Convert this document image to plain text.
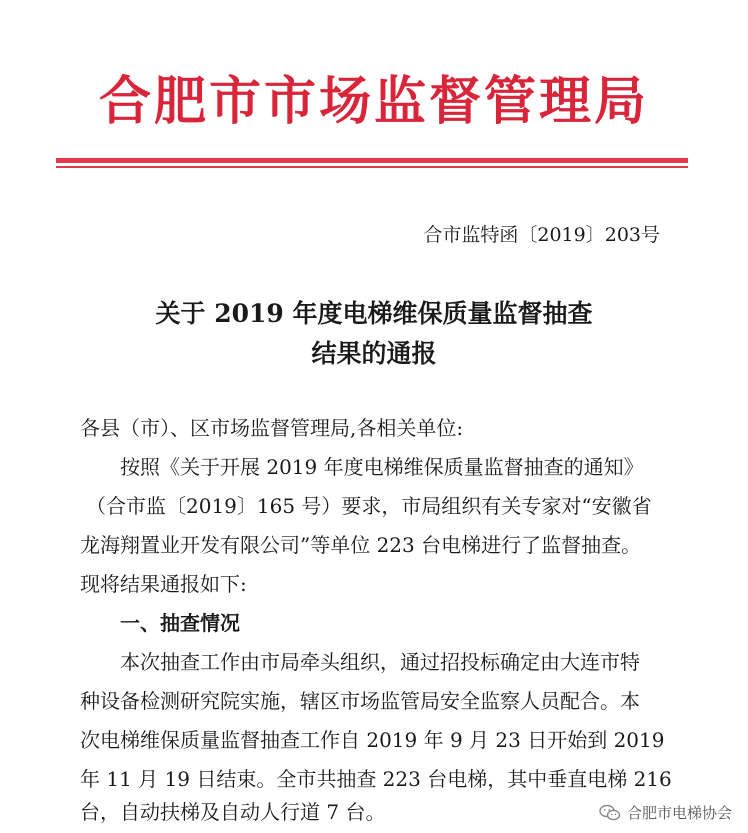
合肥市市场监督管理局
合市监特函〔2019〕203号
关于 2019 年度电梯维保质量监督抽查
结果的通报
各县（市）、区市场监督管理局,各相关单位:
按照《关于开展 2019 年度电梯维保质量监督抽查的通知》
（合市监〔2019〕165 号）要求，市局组织有关专家对“安徽省
龙海翔置业开发有限公司”等单位 223 台电梯进行了监督抽查。
现将结果通报如下:
一、抽查情况
本次抽查工作由市局牵头组织，通过招投标确定由大连市特
种设备检测研究院实施，辖区市场监管局安全监察人员配合。本
次电梯维保质量监督抽查工作自 2019 年 9 月 23 日开始到 2019
年 11 月 19 日结束。全市共抽查 223 台电梯，其中垂直电梯 216
台，自动扶梯及自动人行道 7 台。	合肥市电梯协会
